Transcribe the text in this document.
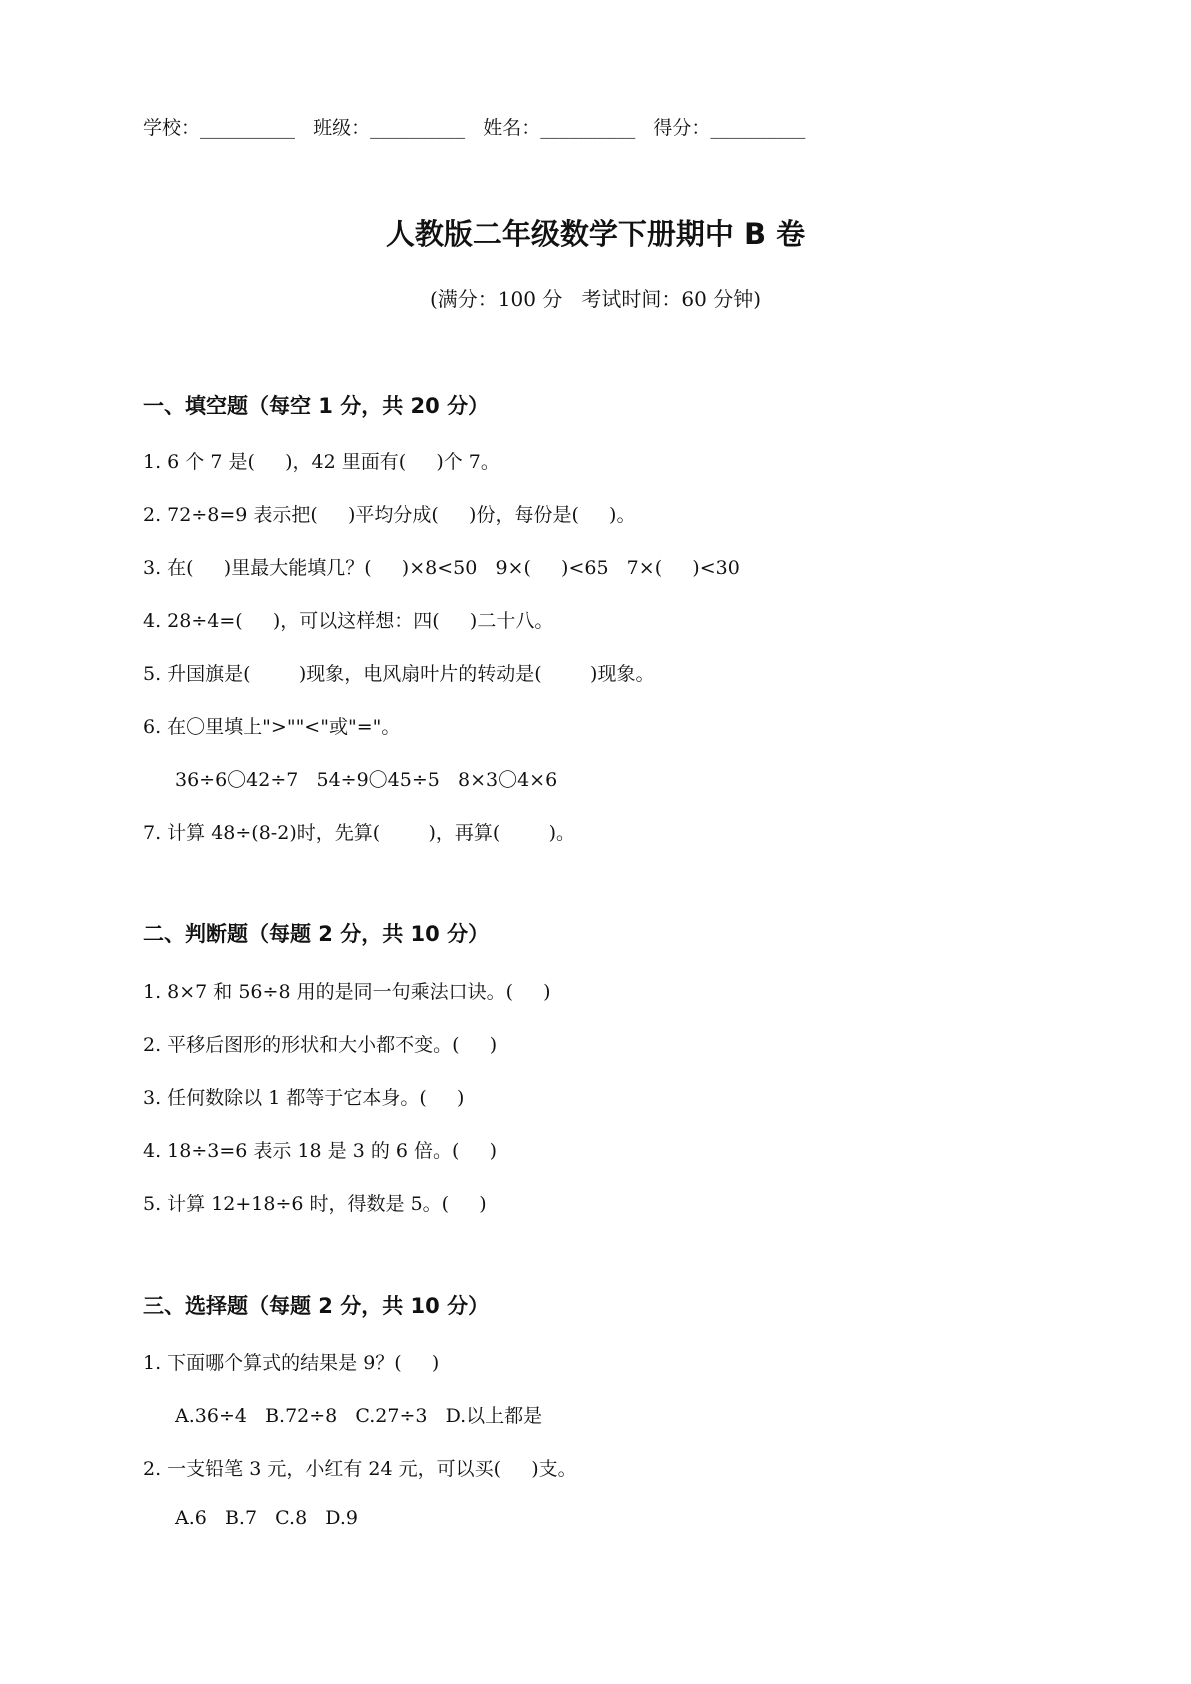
学校：__________   班级：__________   姓名：__________   得分：__________
人教版二年级数学下册期中 B 卷
(满分：100 分   考试时间：60 分钟)
一、填空题（每空 1 分，共 20 分）
1. 6 个 7 是(     )，42 里面有(     )个 7。
2. 72÷8=9 表示把(     )平均分成(     )份，每份是(     )。
3. 在(     )里最大能填几？(     )×8<50   9×(     )<65   7×(     )<30
4. 28÷4=(     )，可以这样想：四(     )二十八。
5. 升国旗是(        )现象，电风扇叶片的转动是(        )现象。
6. 在〇里填上">""<"或"="。
36÷6〇42÷7   54÷9〇45÷5   8×3〇4×6
7. 计算 48÷(8-2)时，先算(        )，再算(        )。
二、判断题（每题 2 分，共 10 分）
1. 8×7 和 56÷8 用的是同一句乘法口诀。(     )
2. 平移后图形的形状和大小都不变。(     )
3. 任何数除以 1 都等于它本身。(     )
4. 18÷3=6 表示 18 是 3 的 6 倍。(     )
5. 计算 12+18÷6 时，得数是 5。(     )
三、选择题（每题 2 分，共 10 分）
1. 下面哪个算式的结果是 9？(     )
A.36÷4   B.72÷8   C.27÷3   D.以上都是
2. 一支铅笔 3 元，小红有 24 元，可以买(     )支。
A.6   B.7   C.8   D.9
